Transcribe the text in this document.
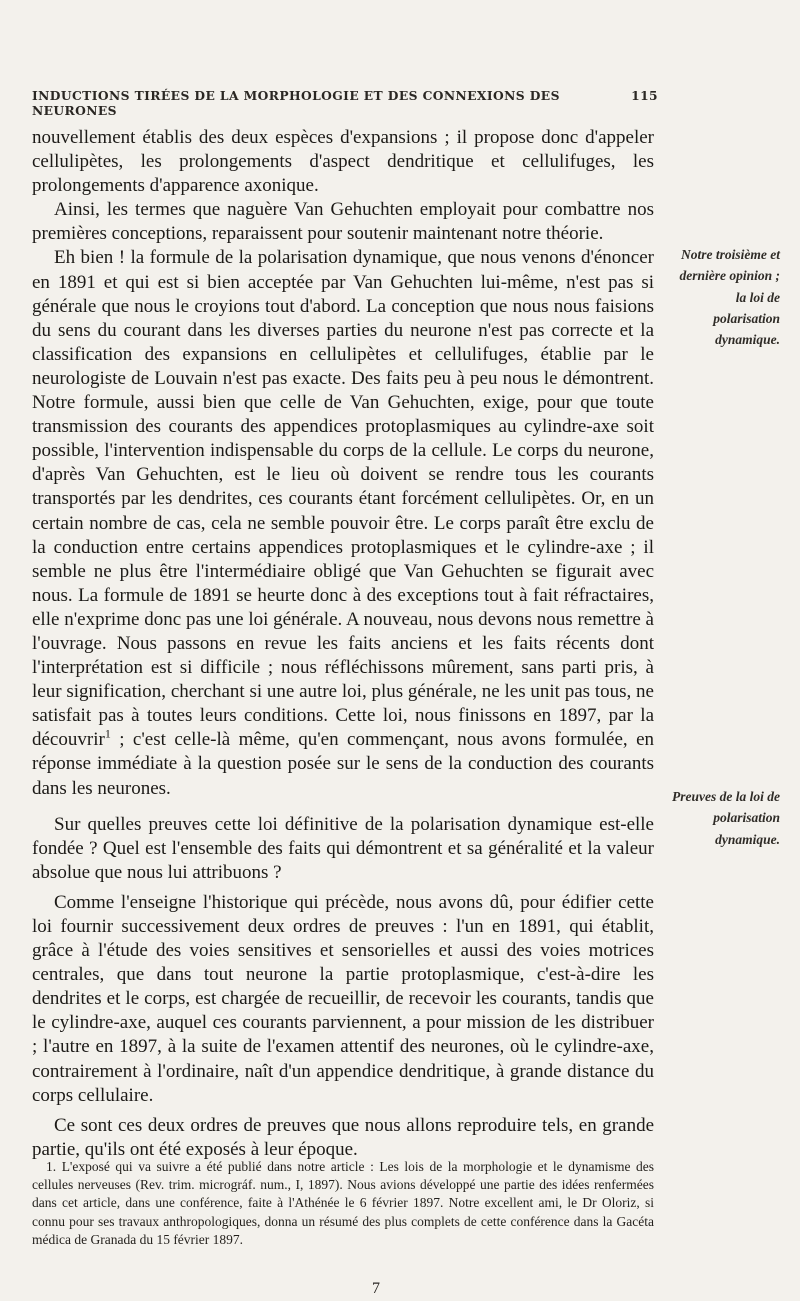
INDUCTIONS TIRÉES DE LA MORPHOLOGIE ET DES CONNEXIONS DES NEURONES
115

nouvellement établis des deux espèces d'expansions ; il propose donc d'appeler cellulipètes, les prolongements d'aspect dendritique et cellulifuges, les prolongements d'apparence axonique.

Ainsi, les termes que naguère Van Gehuchten employait pour combattre nos premières conceptions, reparaissent pour soutenir maintenant notre théorie.

Eh bien ! la formule de la polarisation dynamique, que nous venons d'énoncer en 1891 et qui est si bien acceptée par Van Gehuchten lui-même, n'est pas si générale que nous le croyions tout d'abord. La conception que nous nous faisions du sens du courant dans les diverses parties du neurone n'est pas correcte et la classification des expansions en cellulipètes et cellulifuges, établie par le neurologiste de Louvain n'est pas exacte. Des faits peu à peu nous le démontrent. Notre formule, aussi bien que celle de Van Gehuchten, exige, pour que toute transmission des courants des appendices protoplasmiques au cylindre-axe soit possible, l'intervention indispensable du corps de la cellule. Le corps du neurone, d'après Van Gehuchten, est le lieu où doivent se rendre tous les courants transportés par les dendrites, ces courants étant forcément cellulipètes. Or, en un certain nombre de cas, cela ne semble pouvoir être. Le corps paraît être exclu de la conduction entre certains appendices protoplasmiques et le cylindre-axe ; il semble ne plus être l'intermédiaire obligé que Van Gehuchten se figurait avec nous. La formule de 1891 se heurte donc à des exceptions tout à fait réfractaires, elle n'exprime donc pas une loi générale. A nouveau, nous devons nous remettre à l'ouvrage. Nous passons en revue les faits anciens et les faits récents dont l'interprétation est si difficile ; nous réfléchissons mûrement, sans parti pris, à leur signification, cherchant si une autre loi, plus générale, ne les unit pas tous, ne satisfait pas à toutes leurs conditions. Cette loi, nous finissons en 1897, par la découvrir$^1$ ; c'est celle-là même, qu'en commençant, nous avons formulée, en réponse immédiate à la question posée sur le sens de la conduction des courants dans les neurones.

Sur quelles preuves cette loi définitive de la polarisation dynamique est-elle fondée ? Quel est l'ensemble des faits qui démontrent et sa généralité et la valeur absolue que nous lui attribuons ?

Comme l'enseigne l'historique qui précède, nous avons dû, pour édifier cette loi fournir successivement deux ordres de preuves : l'un en 1891, qui établit, grâce à l'étude des voies sensitives et sensorielles et aussi des voies motrices centrales, que dans tout neurone la partie protoplasmique, c'est-à-dire les dendrites et le corps, est chargée de recueillir, de recevoir les courants, tandis que le cylindre-axe, auquel ces courants parviennent, a pour mission de les distribuer ; l'autre en 1897, à la suite de l'examen attentif des neurones, où le cylindre-axe, contrairement à l'ordinaire, naît d'un appendice dendritique, à grande distance du corps cellulaire.

Ce sont ces deux ordres de preuves que nous allons reproduire tels, en grande partie, qu'ils ont été exposés à leur époque.

Notre troisième et dernière opinion ; la loi de polarisation dynamique.
Preuves de la loi de polarisation dynamique.

1. L'exposé qui va suivre a été publié dans notre article : Les lois de la morphologie et le dynamisme des cellules nerveuses (Rev. trim. micrográf. num., I, 1897). Nous avions développé une partie des idées renfermées dans cet article, dans une conférence, faite à l'Athénée le 6 février 1897. Notre excellent ami, le Dr Oloriz, si connu pour ses travaux anthropologiques, donna un résumé des plus complets de cette conférence dans la Gacéta médica de Granada du 15 février 1897.

7
